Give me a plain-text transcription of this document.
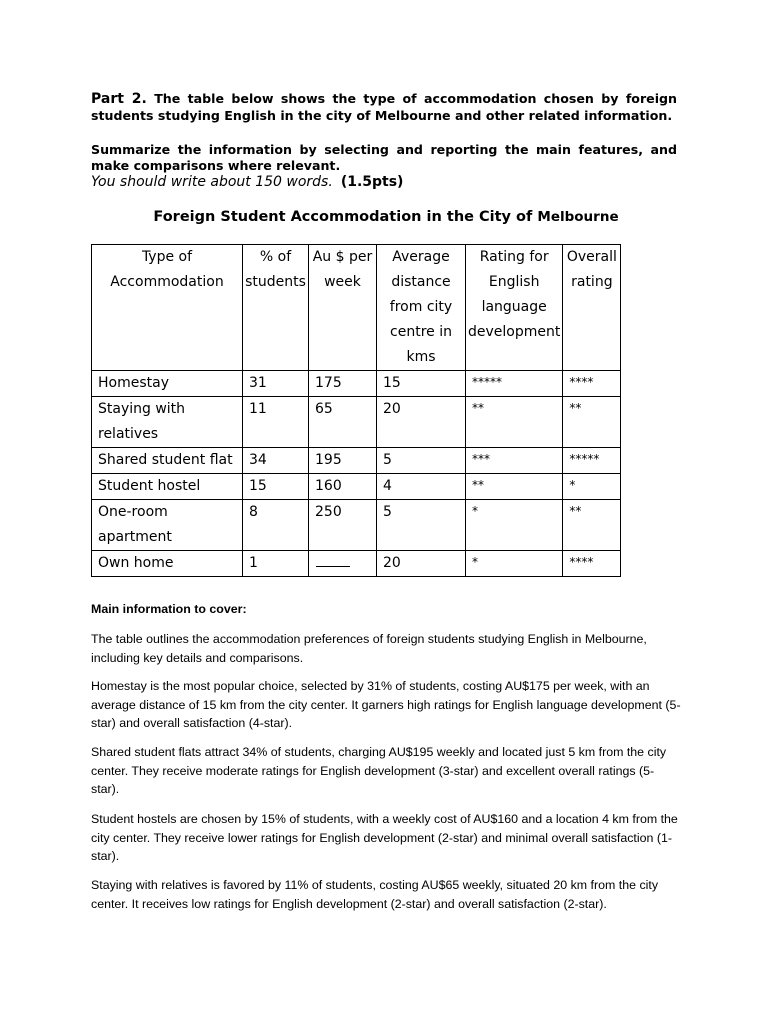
Part 2. The table below shows the type of accommodation chosen by foreign students studying English in the city of Melbourne and other related information.
Summarize the information by selecting and reporting the main features, and make comparisons where relevant.
You should write about 150 words. (1.5pts)
Foreign Student Accommodation in the City of Melbourne
Type of Accommodation	% of students	Au $ per week	Average distance from city centre in kms	Rating for English language development	Overall rating
Homestay	31	175	15	*****	****
Staying with relatives	11	65	20	**	**
Shared student flat	34	195	5	***	*****
Student hostel	15	160	4	**	*
One-room apartment	8	250	5	*	**
Own home	1		20	*	****
Main information to cover:
The table outlines the accommodation preferences of foreign students studying English in Melbourne, including key details and comparisons.
Homestay is the most popular choice, selected by 31% of students, costing AU$175 per week, with an average distance of 15 km from the city center. It garners high ratings for English language development (5-star) and overall satisfaction (4-star).
Shared student flats attract 34% of students, charging AU$195 weekly and located just 5 km from the city center. They receive moderate ratings for English development (3-star) and excellent overall ratings (5-star).
Student hostels are chosen by 15% of students, with a weekly cost of AU$160 and a location 4 km from the city center. They receive lower ratings for English development (2-star) and minimal overall satisfaction (1-star).
Staying with relatives is favored by 11% of students, costing AU$65 weekly, situated 20 km from the city center. It receives low ratings for English development (2-star) and overall satisfaction (2-star).
